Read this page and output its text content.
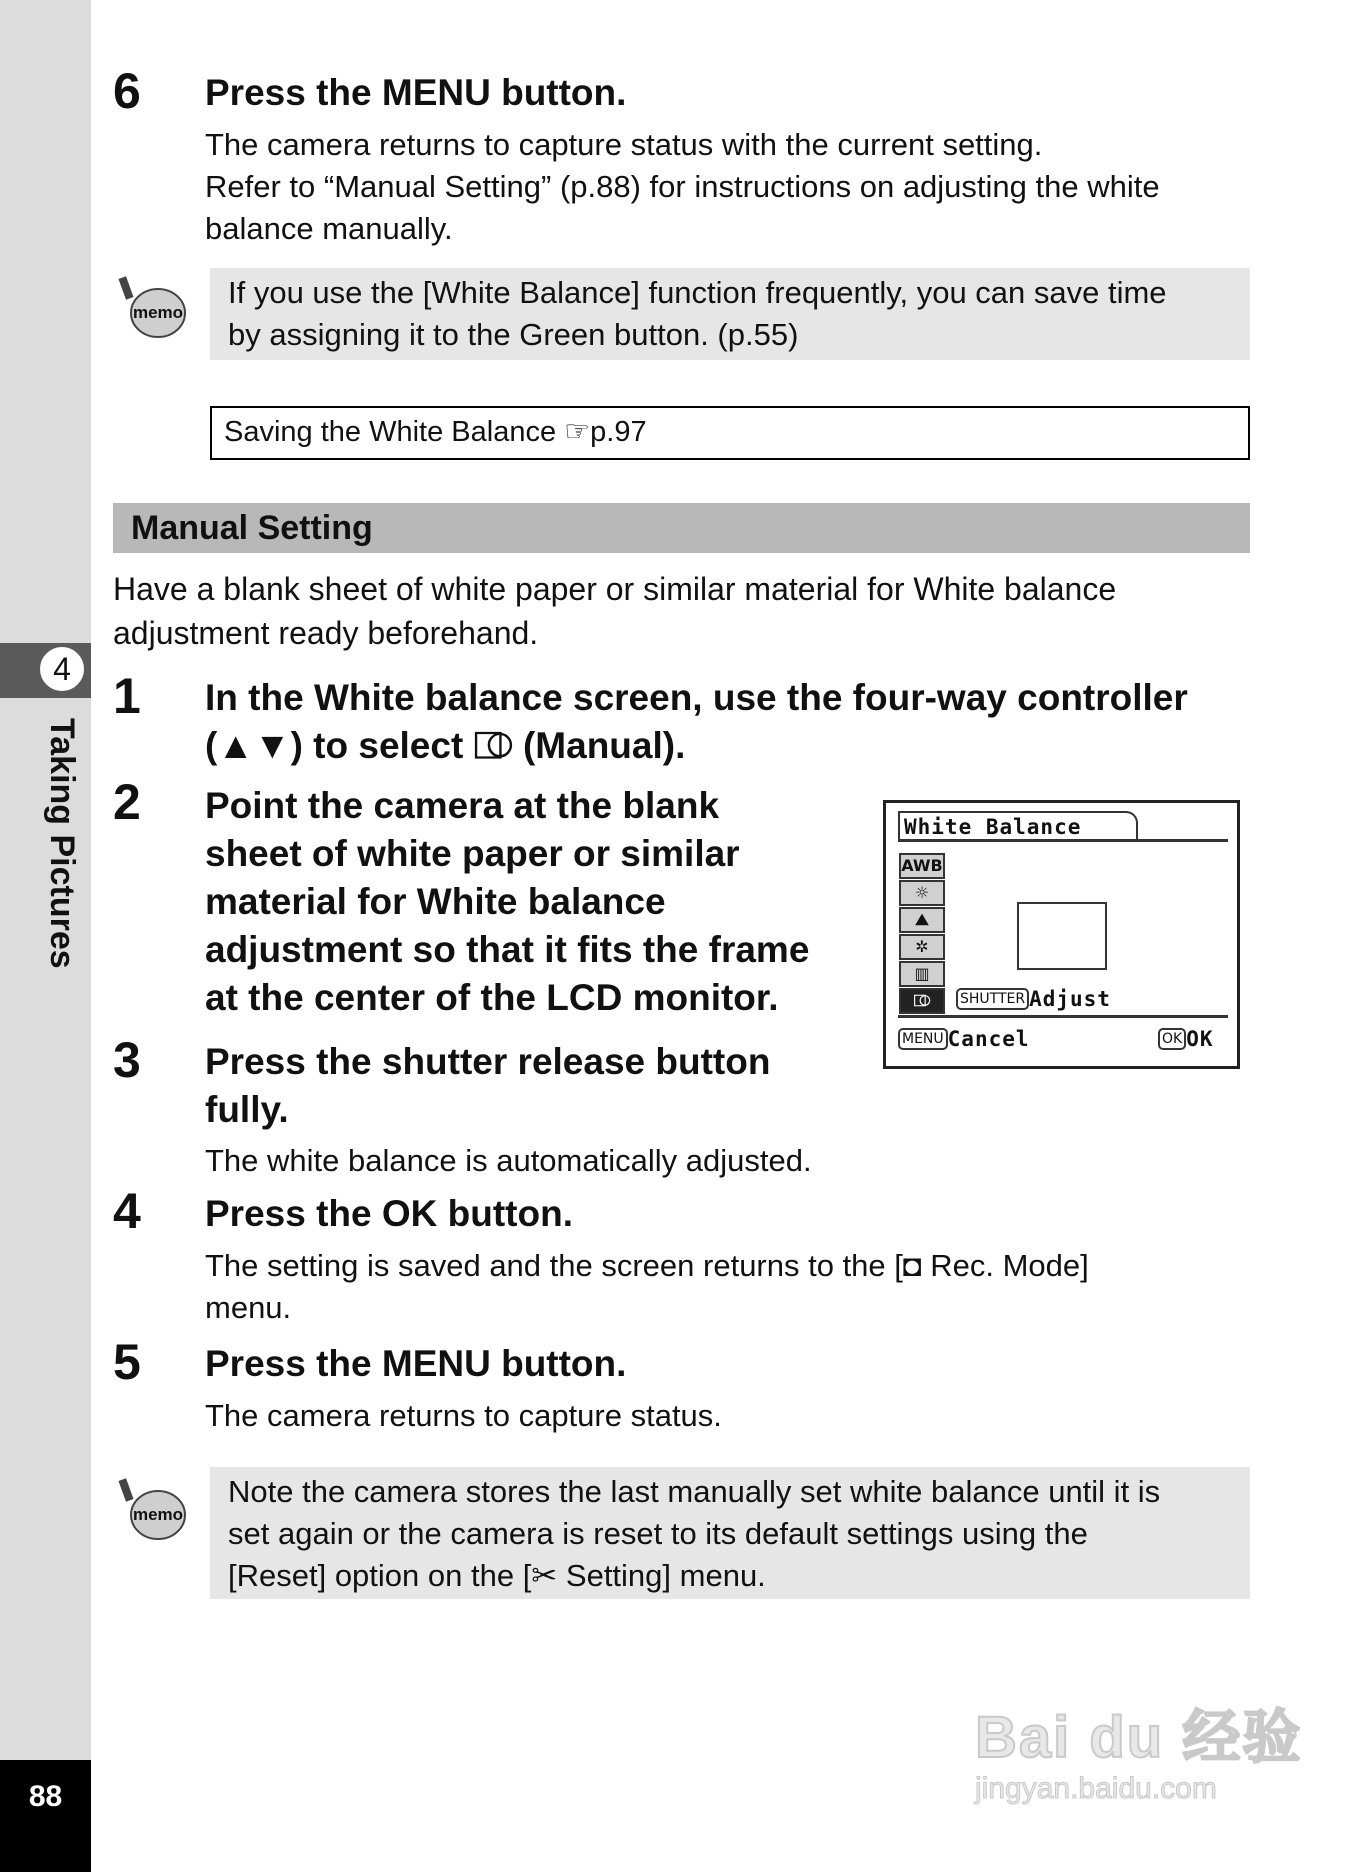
4
Taking Pictures
88
6 Press the MENU button.
The camera returns to capture status with the current setting.
Refer to “Manual Setting” (p.88) for instructions on adjusting the white
balance manually.
memo
If you use the [White Balance] function frequently, you can save time
by assigning it to the Green button. (p.55)
Saving the White Balance ☞p.97
Manual Setting
Have a blank sheet of white paper or similar material for White balance
adjustment ready beforehand.
1 In the White balance screen, use the four-way controller
(▲▼) to select ⎄ (Manual).
2 Point the camera at the blank
sheet of white paper or similar
material for White balance
adjustment so that it fits the frame
at the center of the LCD monitor.
White Balance
AWB
☼
⛰
✲
▥
⎄	SHUTTER Adjust
MENU Cancel	OK OK
3 Press the shutter release button
fully.
The white balance is automatically adjusted.
4 Press the OK button.
The setting is saved and the screen returns to the [◘ Rec. Mode]
menu.
5 Press the MENU button.
The camera returns to capture status.
memo
Note the camera stores the last manually set white balance until it is
set again or the camera is reset to its default settings using the
[Reset] option on the [✂ Setting] menu.
Bai du 经验
jingyan.baidu.com
